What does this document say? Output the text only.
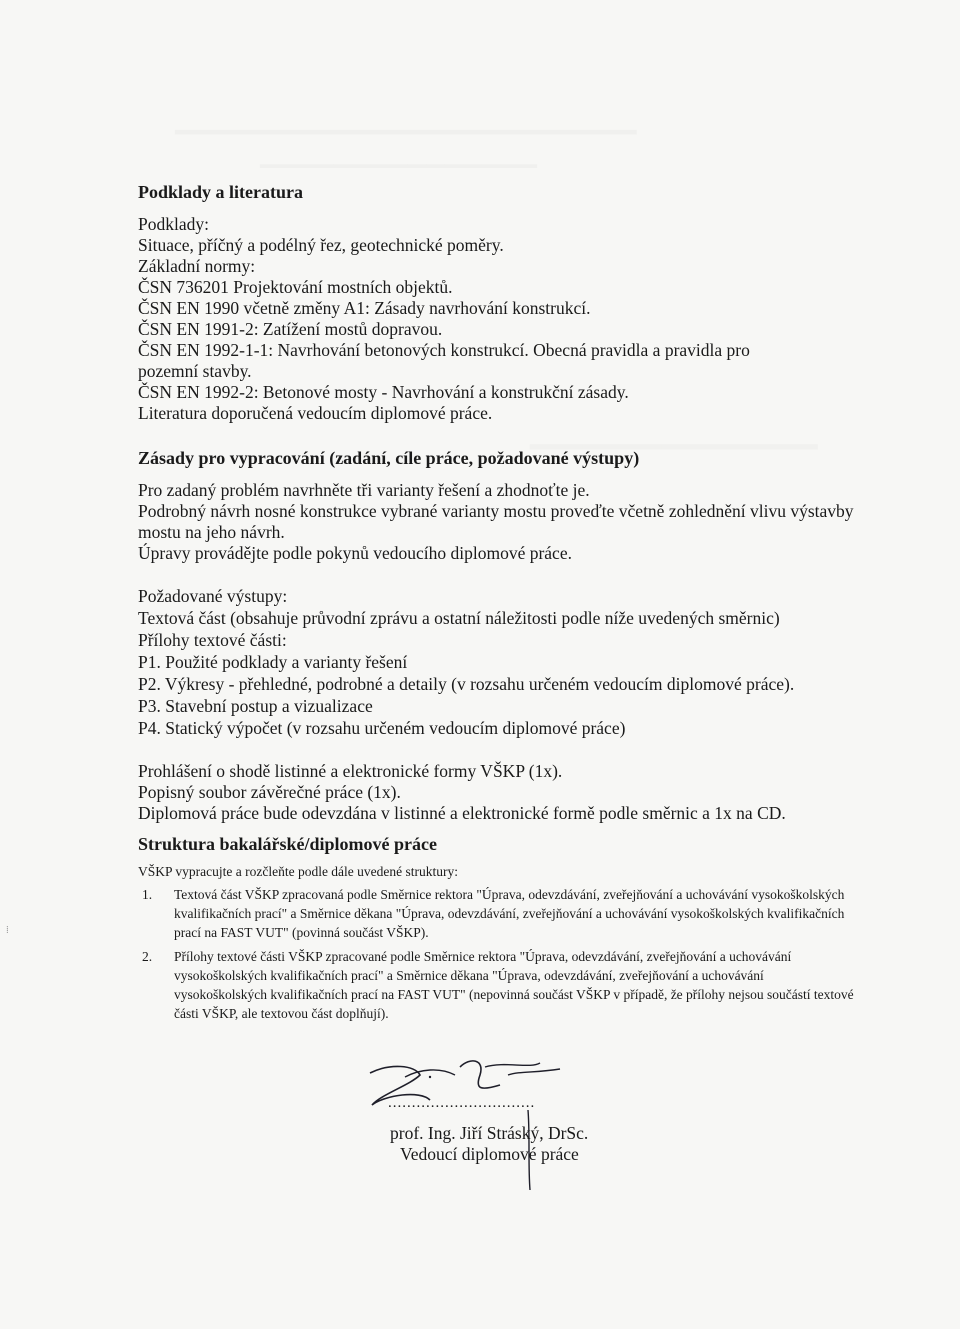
▁▁▁▁▁▁▁▁▁▁▁▁▁▁▁▁▁▁▁▁
▁▁▁▁▁▁▁▁▁▁▁▁▁▁▁
▁▁▁▁▁▁▁▁▁▁▁

Podklady a literatura

Podklady:

Situace, příčný a podélný řez, geotechnické poměry.

Základní normy:

ČSN 736201 Projektování mostních objektů.

ČSN EN 1990 včetně změny A1: Zásady navrhování konstrukcí.

ČSN EN 1991-2: Zatížení mostů dopravou.

ČSN EN 1992-1-1: Navrhování betonových konstrukcí. Obecná pravidla a pravidla pro pozemní stavby.

ČSN EN 1992-2: Betonové mosty - Navrhování a konstrukční zásady.

Literatura doporučená vedoucím diplomové práce.

Zásady pro vypracování (zadání, cíle práce, požadované výstupy)

Pro zadaný problém navrhněte tři varianty řešení a zhodnoťte je.

Podrobný návrh nosné konstrukce vybrané varianty mostu proveďte včetně zohlednění vlivu výstavby mostu na jeho návrh.

Úpravy provádějte podle pokynů vedoucího diplomové práce.

Požadované výstupy:

Textová část (obsahuje průvodní zprávu a ostatní náležitosti podle níže uvedených směrnic)

Přílohy textové části:

P1. Použité podklady a varianty řešení

P2. Výkresy - přehledné, podrobné a detaily (v rozsahu určeném vedoucím diplomové práce).

P3. Stavební postup a vizualizace

P4. Statický výpočet (v rozsahu určeném vedoucím diplomové práce)

Prohlášení o shodě listinné a elektronické formy VŠKP (1x).

Popisný soubor závěrečné práce (1x).

Diplomová práce bude odevzdána v listinné a elektronické formě podle směrnic a 1x na CD.

Struktura bakalářské/diplomové práce

VŠKP vypracujte a rozčleňte podle dále uvedené struktury:

1.	Textová část VŠKP zpracovaná podle Směrnice rektora "Úprava, odevzdávání, zveřejňování a uchovávání vysokoškolských kvalifikačních prací" a Směrnice děkana "Úprava, odevzdávání, zveřejňování a uchovávání vysokoškolských kvalifikačních prací na FAST VUT" (povinná součást VŠKP).
2.	Přílohy textové části VŠKP zpracované podle Směrnice rektora "Úprava, odevzdávání, zveřejňování a uchovávání vysokoškolských kvalifikačních prací" a Směrnice děkana "Úprava, odevzdávání, zveřejňování a uchovávání vysokoškolských kvalifikačních prací na FAST VUT" (nepovinná součást VŠKP v případě, že přílohy nejsou součástí textové části VŠKP, ale textovou část doplňují).
...............................
prof. Ing. Jiří Stráský, DrSc.
Vedoucí diplomové práce
⁞
